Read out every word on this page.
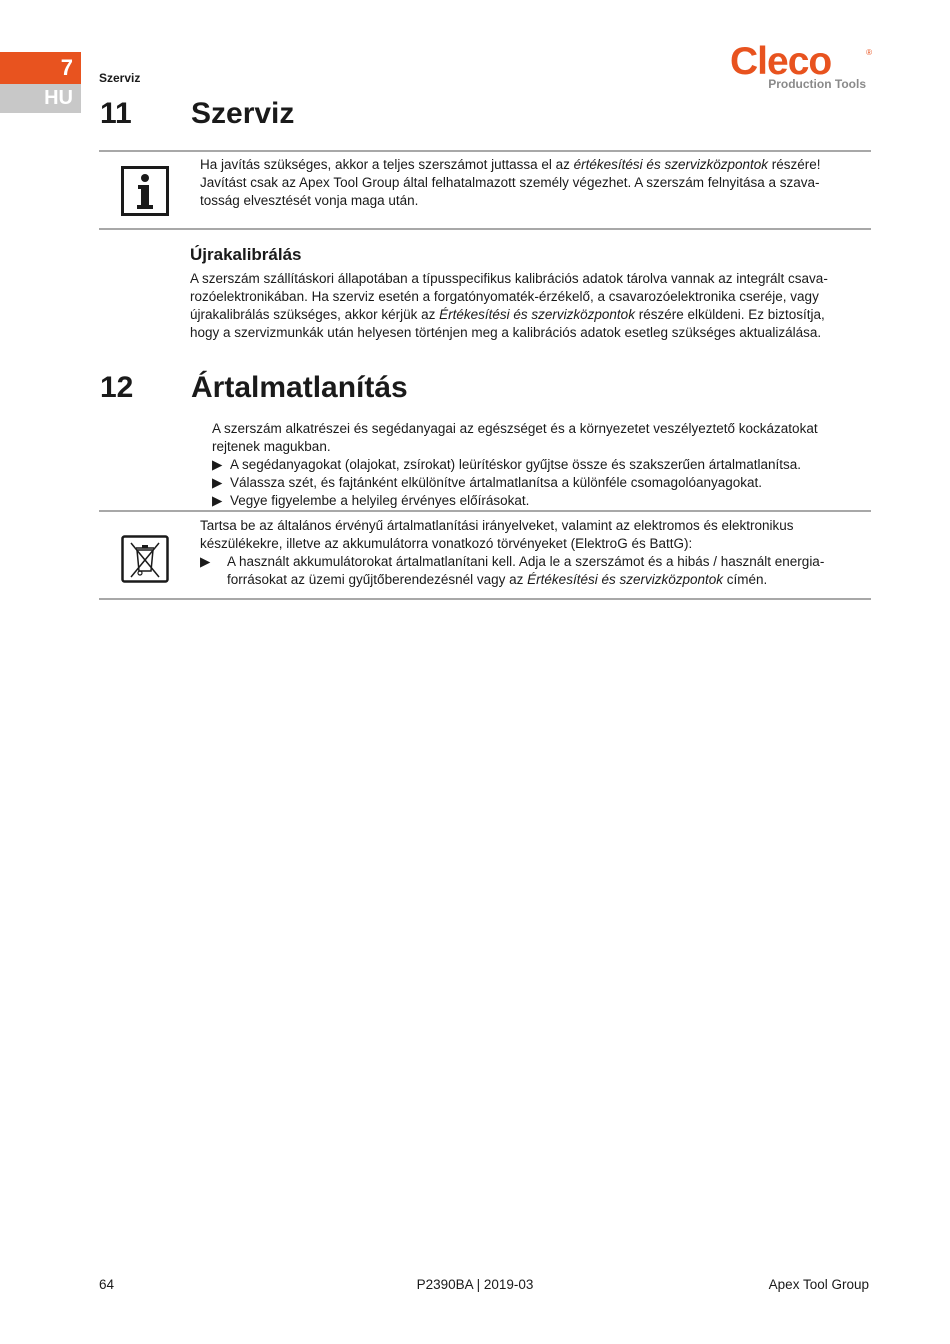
7
HU
Szerviz	Cleco	®
Production Tools
11 Szerviz
Ha javítás szükséges, akkor a teljes szerszámot juttassa el az értékesítési és szervizközpontok részére!
Javítást csak az Apex Tool Group által felhatalmazott személy végezhet. A szerszám felnyitása a szava-
tosság elvesztését vonja maga után.
Újrakalibrálás
A szerszám szállításkori állapotában a típusspecifikus kalibrációs adatok tárolva vannak az integrált csava-
rozóelektronikában. Ha szerviz esetén a forgatónyomaték-érzékelő, a csavarozóelektronika cseréje, vagy
újrakalibrálás szükséges, akkor kérjük az Értékesítési és szervizközpontok részére elküldeni. Ez biztosítja,
hogy a szervizmunkák után helyesen történjen meg a kalibrációs adatok esetleg szükséges aktualizálása.
12 Ártalmatlanítás
A szerszám alkatrészei és segédanyagai az egészséget és a környezetet veszélyeztető kockázatokat
rejtenek magukban.
▶ A segédanyagokat (olajokat, zsírokat) leürítéskor gyűjtse össze és szakszerűen ártalmatlanítsa.
▶ Válassza szét, és fajtánként elkülönítve ártalmatlanítsa a különféle csomagolóanyagokat.
▶ Vegye figyelembe a helyileg érvényes előírásokat.
Tartsa be az általános érvényű ártalmatlanítási irányelveket, valamint az elektromos és elektronikus
készülékekre, illetve az akkumulátorra vonatkozó törvényeket (ElektroG és BattG):
▶ A használt akkumulátorokat ártalmatlanítani kell. Adja le a szerszámot és a hibás / használt energia-
forrásokat az üzemi gyűjtőberendezésnél vagy az Értékesítési és szervizközpontok címén.
64	P2390BA | 2019-03	Apex Tool Group
